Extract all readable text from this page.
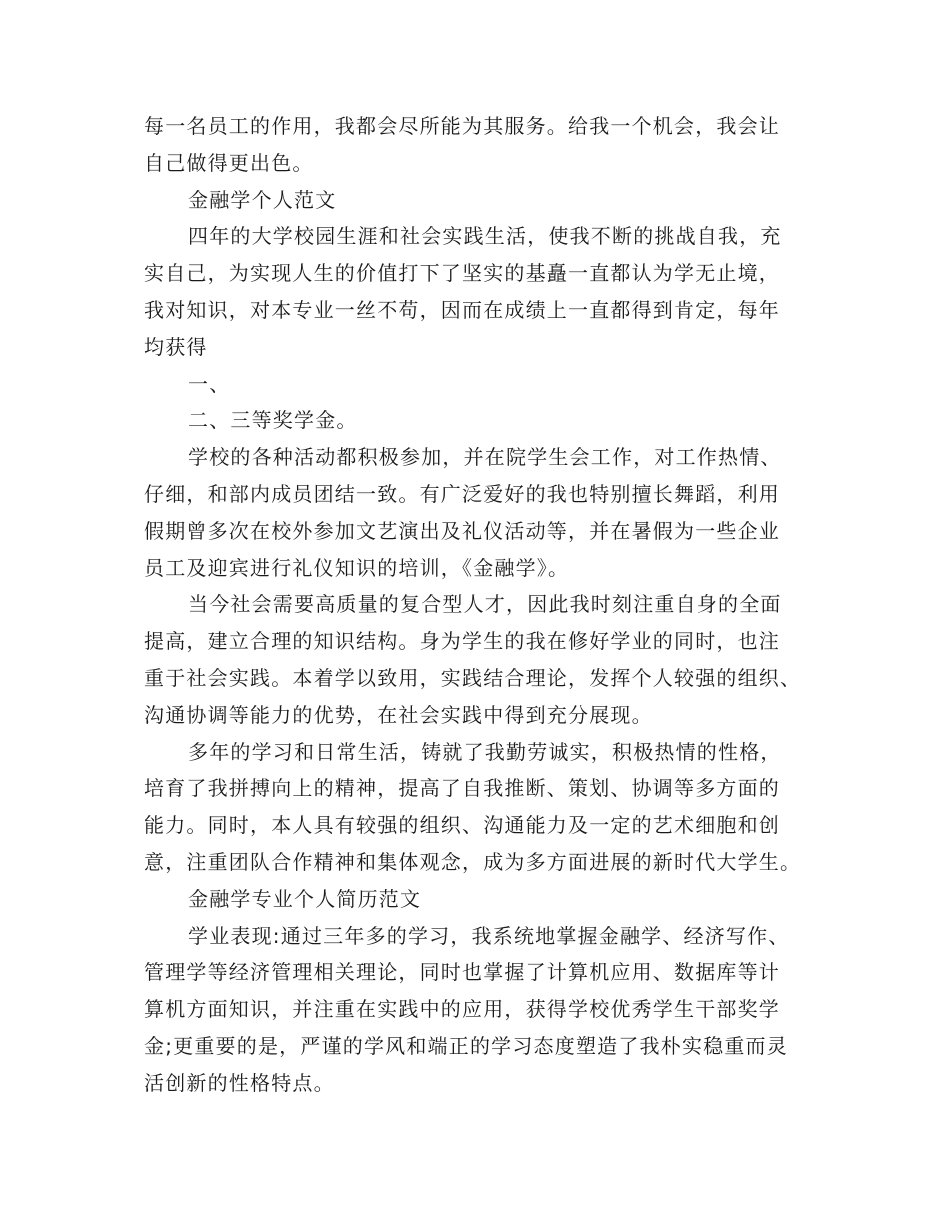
每一名员工的作用，我都会尽所能为其服务。给我一个机会，我会让
自己做得更出色。
金融学个人范文
四年的大学校园生涯和社会实践生活，使我不断的挑战自我，充
实自己，为实现人生的价值打下了坚实的基矗一直都认为学无止境，
我对知识，对本专业一丝不苟，因而在成绩上一直都得到肯定，每年
均获得
一、
二、三等奖学金。
学校的各种活动都积极参加，并在院学生会工作，对工作热情、
仔细，和部内成员团结一致。有广泛爱好的我也特别擅长舞蹈，利用
假期曾多次在校外参加文艺演出及礼仪活动等，并在暑假为一些企业
员工及迎宾进行礼仪知识的培训，《金融学》。
当今社会需要高质量的复合型人才，因此我时刻注重自身的全面
提高，建立合理的知识结构。身为学生的我在修好学业的同时，也注
重于社会实践。本着学以致用，实践结合理论，发挥个人较强的组织、
沟通协调等能力的优势，在社会实践中得到充分展现。
多年的学习和日常生活，铸就了我勤劳诚实，积极热情的性格，
培育了我拼搏向上的精神，提高了自我推断、策划、协调等多方面的
能力。同时，本人具有较强的组织、沟通能力及一定的艺术细胞和创
意，注重团队合作精神和集体观念，成为多方面进展的新时代大学生。
金融学专业个人简历范文
学业表现:通过三年多的学习，我系统地掌握金融学、经济写作、
管理学等经济管理相关理论，同时也掌握了计算机应用、数据库等计
算机方面知识，并注重在实践中的应用，获得学校优秀学生干部奖学
金;更重要的是，严谨的学风和端正的学习态度塑造了我朴实稳重而灵
活创新的性格特点。
